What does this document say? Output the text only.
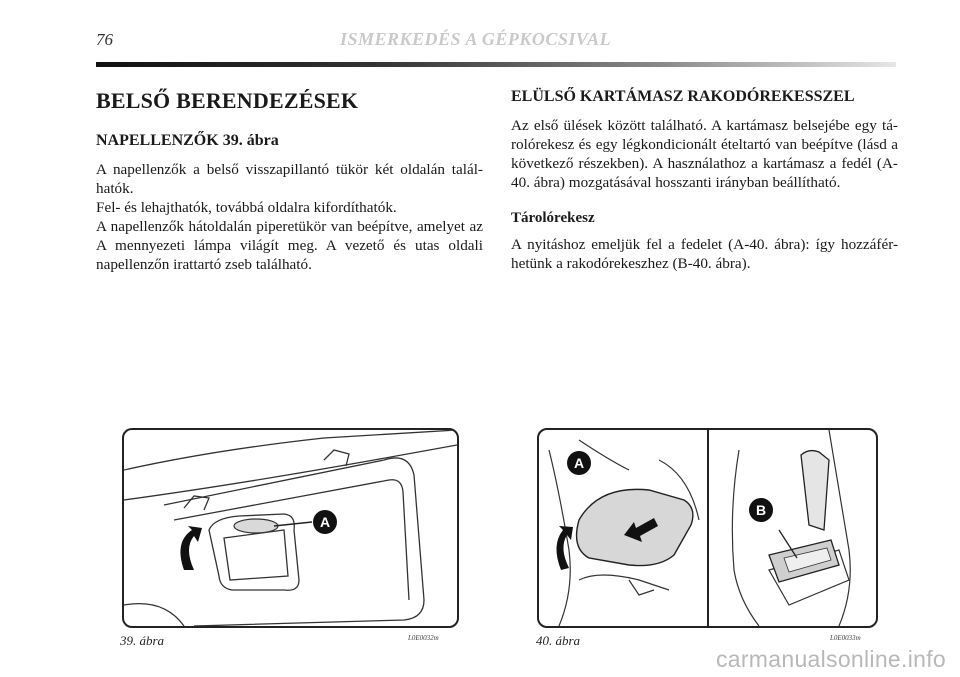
76	ISMERKEDÉS A GÉPKOCSIVAL
BELSŐ BERENDEZÉSEK
NAPELLENZŐK 39. ábra

A napellenzők a belső visszapillantó tükör két oldalán talál-hatók.

Fel- és lehajthatók, továbbá oldalra kifordíthatók.

A napellenzők hátoldalán piperetükör van beépítve, amelyet az A mennyezeti lámpa világít meg. A vezető és utas oldali napellenzőn irattartó zseb található.

ELÜLSŐ KARTÁMASZ RAKODÓREKESSZEL

Az első ülések között található. A kartámasz belsejébe egy tá-rolórekesz és egy légkondicionált ételtartó van beépítve (lásd a következő részekben). A használathoz a kartámasz a fedél (A-40. ábra) mozgatásával hosszanti irányban beállítható.

Tárolórekesz

A nyitáshoz emeljük fel a fedelet (A-40. ábra): így hozzáfér-hetünk a rakodórekeszhez (B-40. ábra).

A
39. ábra	L0E0032m
A
B
40. ábra	L0E0033m
carmanualsonline.info
